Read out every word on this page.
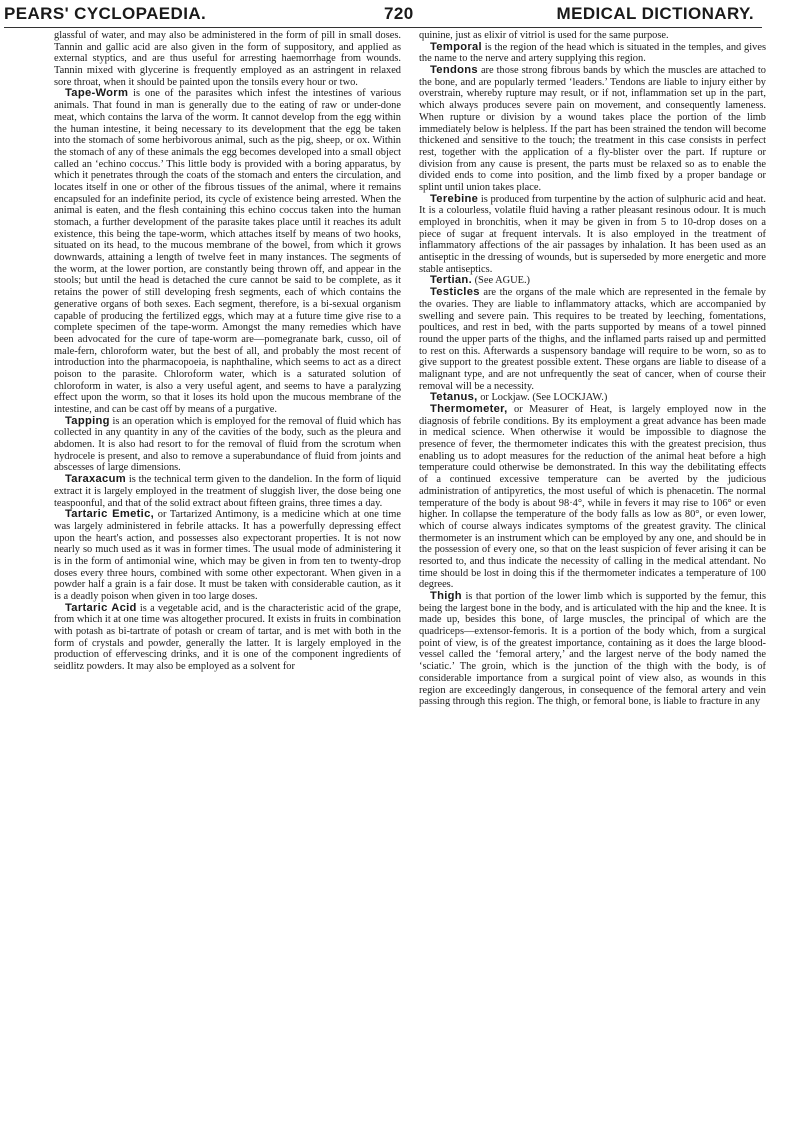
PEARS' CYCLOPAEDIA.	720	MEDICAL DICTIONARY.

glassful of water, and may also be administered in the form of pill in small doses. Tannin and gallic acid are also given in the form of suppository, and applied as external styptics, and are thus useful for arresting haemorrhage from wounds. Tannin mixed with glycerine is frequently employed as an astringent in relaxed sore throat, when it should be painted upon the tonsils every hour or two.

Tape-Worm is one of the parasites which infest the intestines of various animals. That found in man is generally due to the eating of raw or under-done meat, which contains the larva of the worm. It cannot develop from the egg within the human intestine, it being necessary to its development that the egg be taken into the stomach of some herbivorous animal, such as the pig, sheep, or ox. Within the stomach of any of these animals the egg becomes developed into a small object called an ‘echino coccus.’ This little body is provided with a boring apparatus, by which it penetrates through the coats of the stomach and enters the circulation, and locates itself in one or other of the fibrous tissues of the animal, where it remains encapsuled for an indefinite period, its cycle of existence being arrested. When the animal is eaten, and the flesh containing this echino coccus taken into the human stomach, a further development of the parasite takes place until it reaches its adult existence, this being the tape-worm, which attaches itself by means of two hooks, situated on its head, to the mucous membrane of the bowel, from which it grows downwards, attaining a length of twelve feet in many instances. The segments of the worm, at the lower portion, are constantly being thrown off, and appear in the stools; but until the head is detached the cure cannot be said to be complete, as it retains the power of still developing fresh segments, each of which contains the generative organs of both sexes. Each segment, therefore, is a bi-sexual organism capable of producing the fertilized eggs, which may at a future time give rise to a complete specimen of the tape-worm. Amongst the many remedies which have been advocated for the cure of tape-worm are—pomegranate bark, cusso, oil of male-fern, chloroform water, but the best of all, and probably the most recent of introduction into the pharmacopoeia, is naphthaline, which seems to act as a direct poison to the parasite. Chloroform water, which is a saturated solution of chloroform in water, is also a very useful agent, and seems to have a paralyzing effect upon the worm, so that it loses its hold upon the mucous membrane of the intestine, and can be cast off by means of a purgative.

Tapping is an operation which is employed for the removal of fluid which has collected in any quantity in any of the cavities of the body, such as the pleura and abdomen. It is also had resort to for the removal of fluid from the scrotum when hydrocele is present, and also to remove a superabundance of fluid from joints and abscesses of large dimensions.

Taraxacum is the technical term given to the dandelion. In the form of liquid extract it is largely employed in the treatment of sluggish liver, the dose being one teaspoonful, and that of the solid extract about fifteen grains, three times a day.

Tartaric Emetic, or Tartarized Antimony, is a medicine which at one time was largely administered in febrile attacks. It has a powerfully depressing effect upon the heart's action, and possesses also expectorant properties. It is not now nearly so much used as it was in former times. The usual mode of administering it is in the form of antimonial wine, which may be given in from ten to twenty-drop doses every three hours, combined with some other expectorant. When given in a powder half a grain is a fair dose. It must be taken with considerable caution, as it is a deadly poison when given in too large doses.

Tartaric Acid is a vegetable acid, and is the characteristic acid of the grape, from which it at one time was altogether procured. It exists in fruits in combination with potash as bi-tartrate of potash or cream of tartar, and is met with both in the form of crystals and powder, generally the latter. It is largely employed in the production of effervescing drinks, and it is one of the component ingredients of seidlitz powders. It may also be employed as a solvent for

quinine, just as elixir of vitriol is used for the same purpose.

Temporal is the region of the head which is situated in the temples, and gives the name to the nerve and artery supplying this region.

Tendons are those strong fibrous bands by which the muscles are attached to the bone, and are popularly termed ‘leaders.’ Tendons are liable to injury either by overstrain, whereby rupture may result, or if not, inflammation set up in the part, which always produces severe pain on movement, and consequently lameness. When rupture or division by a wound takes place the portion of the limb immediately below is helpless. If the part has been strained the tendon will become thickened and sensitive to the touch; the treatment in this case consists in perfect rest, together with the application of a fly-blister over the part. If rupture or division from any cause is present, the parts must be relaxed so as to enable the divided ends to come into position, and the limb fixed by a proper bandage or splint until union takes place.

Terebine is produced from turpentine by the action of sulphuric acid and heat. It is a colourless, volatile fluid having a rather pleasant resinous odour. It is much employed in bronchitis, when it may be given in from 5 to 10-drop doses on a piece of sugar at frequent intervals. It is also employed in the treatment of inflammatory affections of the air passages by inhalation. It has been used as an antiseptic in the dressing of wounds, but is superseded by more energetic and more stable antiseptics.

Tertian. (See AGUE.)

Testicles are the organs of the male which are represented in the female by the ovaries. They are liable to inflammatory attacks, which are accompanied by swelling and severe pain. This requires to be treated by leeching, fomentations, poultices, and rest in bed, with the parts supported by means of a towel pinned round the upper parts of the thighs, and the inflamed parts raised up and permitted to rest on this. Afterwards a suspensory bandage will require to be worn, so as to give support to the greatest possible extent. These organs are liable to disease of a malignant type, and are not unfrequently the seat of cancer, when of course their removal will be a necessity.

Tetanus, or Lockjaw. (See LOCKJAW.)

Thermometer, or Measurer of Heat, is largely employed now in the diagnosis of febrile conditions. By its employment a great advance has been made in medical science. When otherwise it would be impossible to diagnose the presence of fever, the thermometer indicates this with the greatest precision, thus enabling us to adopt measures for the reduction of the animal heat before a high temperature could otherwise be demonstrated. In this way the debilitating effects of a continued excessive temperature can be averted by the judicious administration of antipyretics, the most useful of which is phenacetin. The normal temperature of the body is about 98·4°, while in fevers it may rise to 106° or even higher. In collapse the temperature of the body falls as low as 80°, or even lower, which of course always indicates symptoms of the greatest gravity. The clinical thermometer is an instrument which can be employed by any one, and should be in the possession of every one, so that on the least suspicion of fever arising it can be resorted to, and thus indicate the necessity of calling in the medical attendant. No time should be lost in doing this if the thermometer indicates a temperature of 100 degrees.

Thigh is that portion of the lower limb which is supported by the femur, this being the largest bone in the body, and is articulated with the hip and the knee. It is made up, besides this bone, of large muscles, the principal of which are the quadriceps—extensor-femoris. It is a portion of the body which, from a surgical point of view, is of the greatest importance, containing as it does the large blood-vessel called the ‘femoral artery,’ and the largest nerve of the body named the ‘sciatic.’ The groin, which is the junction of the thigh with the body, is of considerable importance from a surgical point of view also, as wounds in this region are exceedingly dangerous, in consequence of the femoral artery and vein passing through this region. The thigh, or femoral bone, is liable to fracture in any
